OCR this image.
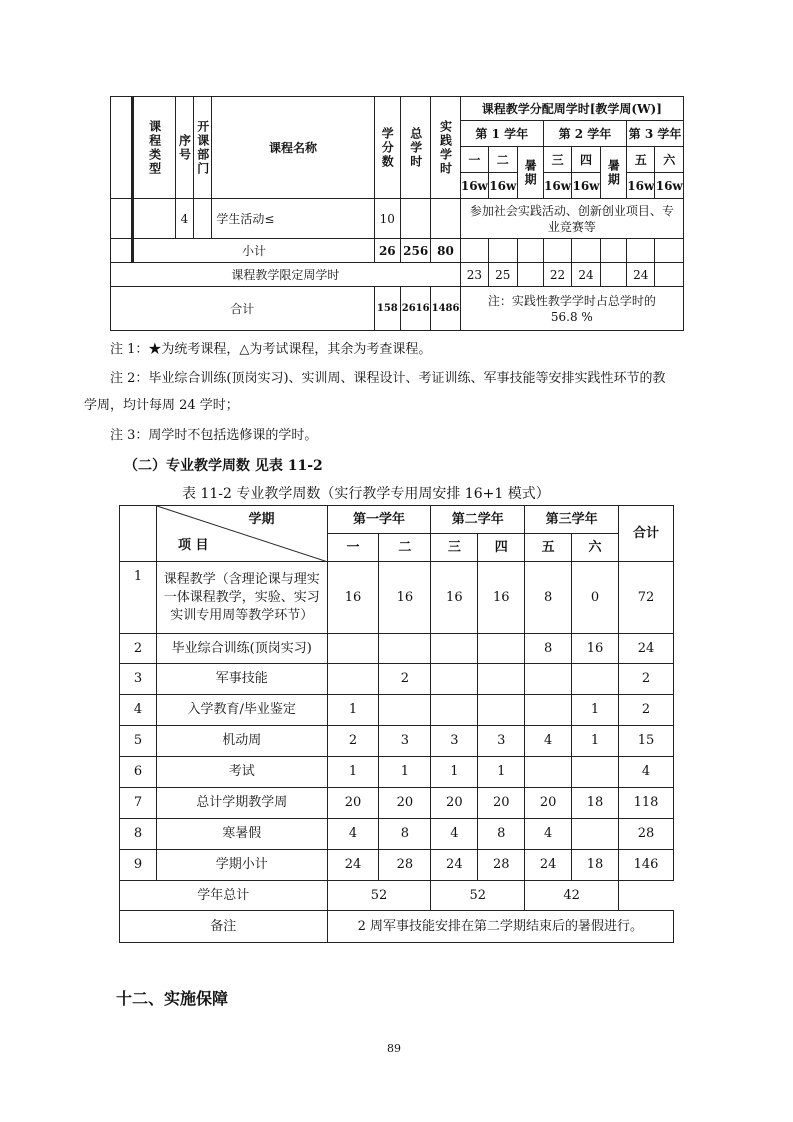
	课程类型	序号	开课部门	课程名称	学分数	总学时	实践学时	课程教学分配周学时[教学周(W)]							
								第 1 学年			第 2 学年			第 3 学年	
								一	二	暑期	三	四	暑期	五	六
								16w	16w		16w	16w		16w	16w
		4		学生活动≤	10			参加社会实践活动、创新创业项目、专业竞赛等							
	小计				26	256	80								
课程教学限定周学时								23	25		22	24		24	
合计					158	2616	1486	注：实践性教学学时占总学时的 56.8 %							
注 1：★为统考课程，△为考试课程，其余为考查课程。
注 2：毕业综合训练(顶岗实习)、实训周、课程设计、考证训练、军事技能等安排实践性环节的教
学周，均计每周 24 学时；
注 3：周学时不包括选修课的学时。
（二）专业教学周数 见表 11-2
表 11-2 专业教学周数（实行教学专用周安排 16+1 模式）
学期
项 目		第一学年		第二学年		第三学年		合计
		一	二	三	四	五	六	
1	课程教学（含理论课与理实一体课程教学，实验、实习实训专用周等教学环节）	16	16	16	16	8	0	72
2	毕业综合训练(顶岗实习)					8	16	24
3	军事技能		2					2
4	入学教育/毕业鉴定	1					1	2
5	机动周	2	3	3	3	4	1	15
6	考试	1	1	1	1			4
7	总计学期教学周	20	20	20	20	20	18	118
8	寒暑假	4	8	4	8	4		28
9	学期小计	24	28	24	28	24	18	146
学年总计		52		52		42		
备注		2 周军事技能安排在第二学期结束后的暑假进行。						
十二、实施保障
89
